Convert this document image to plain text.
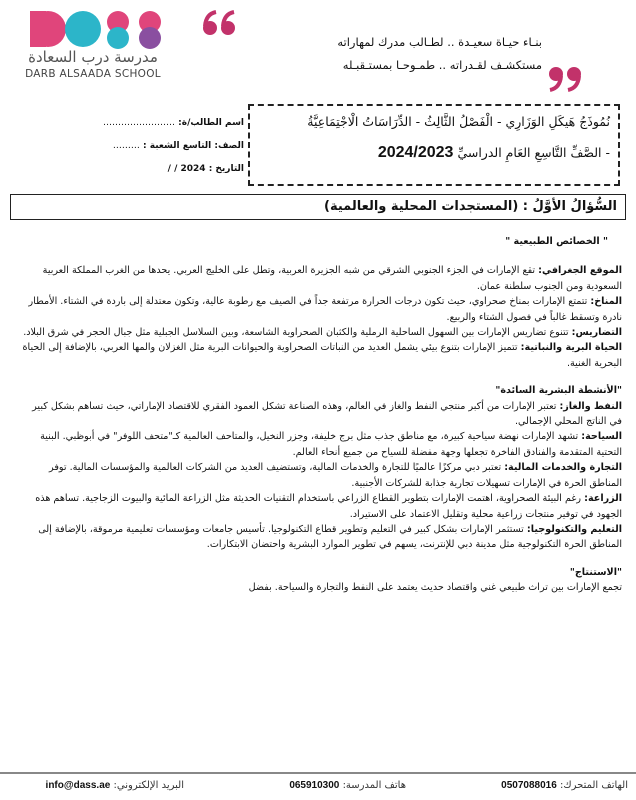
مدرسة درب السعادة
DARB ALSAADA SCHOOL
بنـاء حيـاة سعيـدة .. لطـالب مدرك لمهاراته
مستكشـف لقـدراته .. طمـوحـا بمستـقبـله
اسم الطالب/ة: ……………………
الصف: التاسع الشعبة : ………
التاريخ : / / 2024
نُمُوذَجُ هَيكَلِ الوَزَارِي - الْفَصْلُ الثَّالِثُ - الدِّرَاسَاتُ الْاجْتِمَاعِيَّةُ
- الصَّفِّ التَّاسِعِ العَامِ الدراسيِّ 2024/2023
السُّؤالُ الأوَّلُ : (المستجدات المحلية والعالمية)

" الخصائص الطبيعية "

الموقع الجغرافي: تقع الإمارات في الجزء الجنوبي الشرقي من شبه الجزيرة العربية، وتطل على الخليج العربي. يحدها من الغرب المملكة العربية السعودية ومن الجنوب سلطنة عمان.

المناخ: تتمتع الإمارات بمناخ صحراوي، حيث تكون درجات الحرارة مرتفعة جداً في الصيف مع رطوبة عالية، وتكون معتدلة إلى باردة في الشتاء. الأمطار نادرة وتسقط غالباً في فصول الشتاء والربيع.

التضاريس: تتنوع تضاريس الإمارات بين السهول الساحلية الرملية والكثبان الصحراوية الشاسعة، وبين السلاسل الجبلية مثل جبال الحجر في شرق البلاد.

الحياة البرية والنباتية: تتميز الإمارات بتنوع بيئي يشمل العديد من النباتات الصحراوية والحيوانات البرية مثل الغزلان والمها العربي، بالإضافة إلى الحياة البحرية الغنية.

"الأنشطة البشرية السائدة"

النفط والغاز: تعتبر الإمارات من أكبر منتجي النفط والغاز في العالم، وهذه الصناعة تشكل العمود الفقري للاقتصاد الإماراتي، حيث تساهم بشكل كبير في الناتج المحلي الإجمالي.

السياحة: تشهد الإمارات نهضة سياحية كبيرة، مع مناطق جذب مثل برج خليفة، وجزر النخيل، والمتاحف العالمية كـ"متحف اللوفر" في أبوظبي. البنية التحتية المتقدمة والفنادق الفاخرة تجعلها وجهة مفضلة للسياح من جميع أنحاء العالم.

التجارة والخدمات المالية: تعتبر دبي مركزًا عالميًا للتجارة والخدمات المالية، وتستضيف العديد من الشركات العالمية والمؤسسات المالية. توفر المناطق الحرة في الإمارات تسهيلات تجارية جذابة للشركات الأجنبية.

الزراعة: رغم البيئة الصحراوية، اهتمت الإمارات بتطوير القطاع الزراعي باستخدام التقنيات الحديثة مثل الزراعة المائية والبيوت الزجاجية. تساهم هذه الجهود في توفير منتجات زراعية محلية وتقليل الاعتماد على الاستيراد.

التعليم والتكنولوجيا: تستثمر الإمارات بشكل كبير في التعليم وتطوير قطاع التكنولوجيا. تأسيس جامعات ومؤسسات تعليمية مرموقة، بالإضافة إلى المناطق الحرة التكنولوجية مثل مدينة دبي للإنترنت، يسهم في تطوير الموارد البشرية واحتضان الابتكارات.

"الاستنتاج"

تجمع الإمارات بين تراث طبيعي غني واقتصاد حديث يعتمد على النفط والتجارة والسياحة. بفضل

الهاتف المتحرك: 0507088016
هاتف المدرسة: 065910300
البريد الإلكتروني: info@dass.ae
